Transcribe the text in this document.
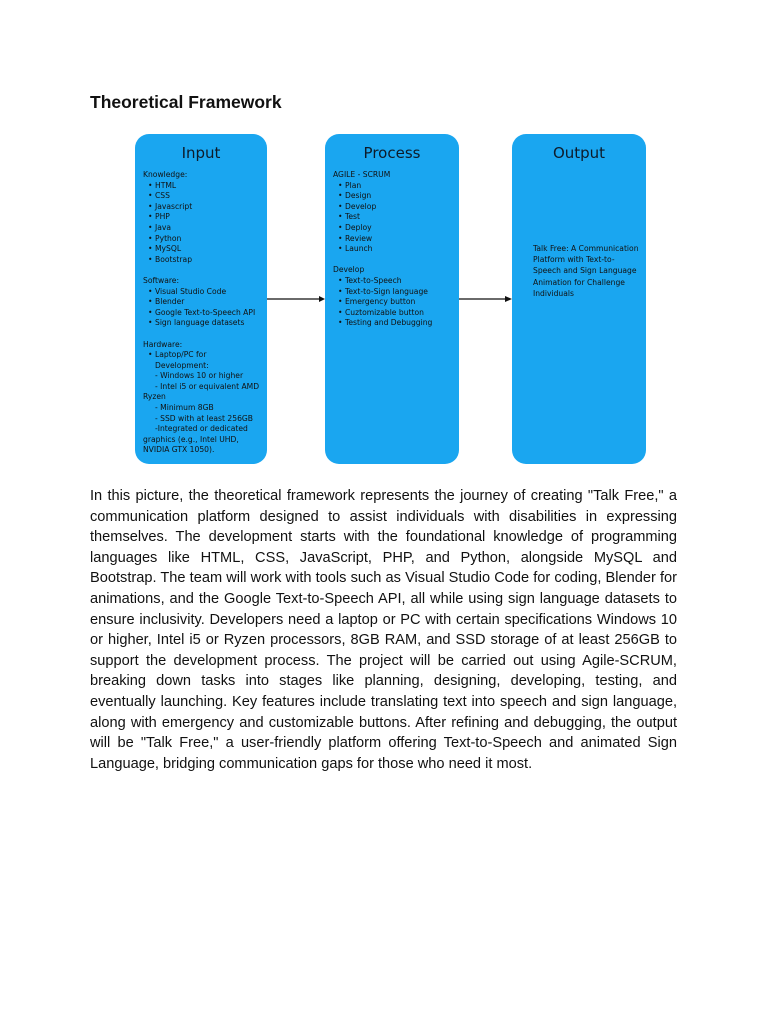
Theoretical Framework
Input
Knowledge:
• HTML
• CSS
• Javascript
• PHP
• Java
• Python
• MySQL
• Bootstrap
Software:
• Visual Studio Code
• Blender
• Google Text-to-Speech API
• Sign language datasets
Hardware:
• Laptop/PC for
Development:
- Windows 10 or higher
- Intel i5 or equivalent AMD
Ryzen
- Minimum 8GB
- SSD with at least 256GB
-Integrated or dedicated
graphics (e.g., Intel UHD,
NVIDIA GTX 1050).
Process
AGILE - SCRUM
• Plan
• Design
• Develop
• Test
• Deploy
• Review
• Launch
Develop
• Text-to-Speech
• Text-to-Sign language
• Emergency button
• Cuztomizable button
• Testing and Debugging
Output
Talk Free: A Communication
Platform with Text-to-
Speech and Sign Language
Animation for Challenge
Individuals

In this picture, the theoretical framework represents the journey of creating "Talk Free," a communication platform designed to assist individuals with disabilities in expressing themselves. The development starts with the foundational knowledge of programming languages like HTML, CSS, JavaScript, PHP, and Python, alongside MySQL and Bootstrap. The team will work with tools such as Visual Studio Code for coding, Blender for animations, and the Google Text-to-Speech API, all while using sign language datasets to ensure inclusivity. Developers need a laptop or PC with certain specifications Windows 10 or higher, Intel i5 or Ryzen processors, 8GB RAM, and SSD storage of at least 256GB to support the development process. The project will be carried out using Agile-SCRUM, breaking down tasks into stages like planning, designing, developing, testing, and eventually launching. Key features include translating text into speech and sign language, along with emergency and customizable buttons. After refining and debugging, the output will be "Talk Free," a user-friendly platform offering Text-to-Speech and animated Sign Language, bridging communication gaps for those who need it most.
